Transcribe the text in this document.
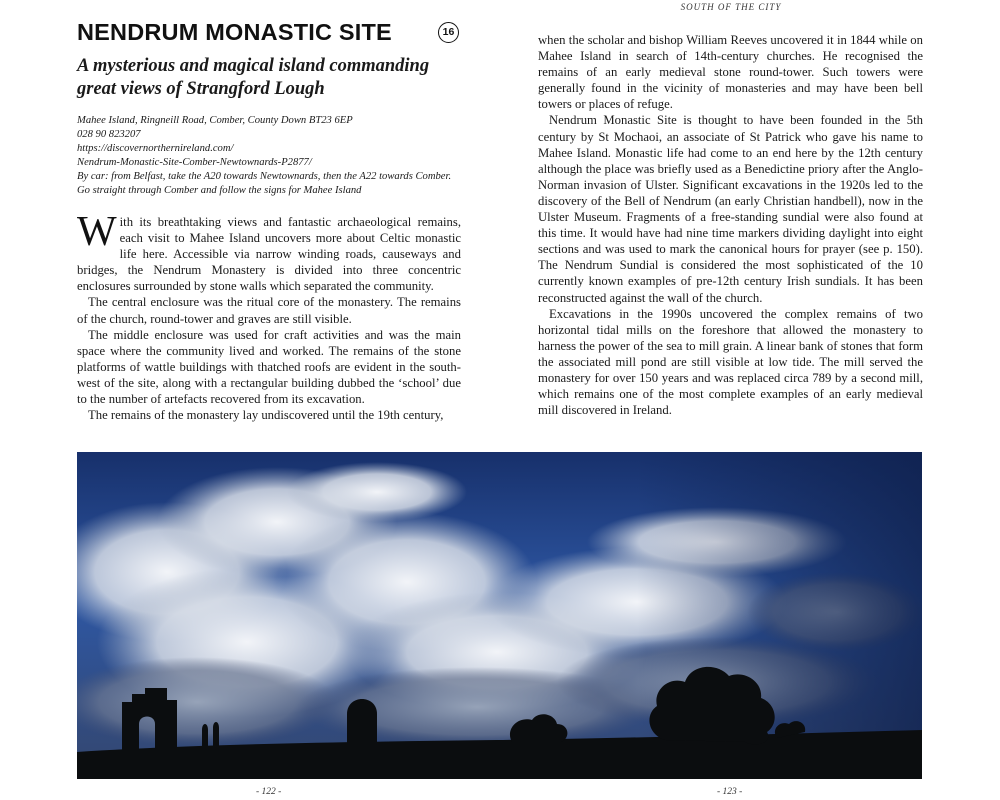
SOUTH OF THE CITY
NENDRUM MONASTIC SITE	16
A mysterious and magical island commanding great views of Strangford Lough
Mahee Island, Ringneill Road, Comber, County Down BT23 6EP
028 90 823207
https://discovernorthernireland.com/
Nendrum-Monastic-Site-Comber-Newtownards-P2877/

By car: from Belfast, take the A20 towards Newtownards, then the A22 towards Comber. Go straight through Comber and follow the signs for Mahee Island

With its breathtaking views and fantastic archaeological remains, each visit to Mahee Island uncovers more about Celtic monastic life here. Accessible via narrow winding roads, causeways and bridges, the Nendrum Monastery is divided into three concentric enclosures surrounded by stone walls which separated the community.

The central enclosure was the ritual core of the monastery. The remains of the church, round-tower and graves are still visible.

The middle enclosure was used for craft activities and was the main space where the community lived and worked. The remains of the stone platforms of wattle buildings with thatched roofs are evident in the south-west of the site, along with a rectangular building dubbed the ‘school’ due to the number of artefacts recovered from its excavation.

The remains of the monastery lay undiscovered until the 19th century,

when the scholar and bishop William Reeves uncovered it in 1844 while on Mahee Island in search of 14th-century churches. He recognised the remains of an early medieval stone round-tower. Such towers were generally found in the vicinity of monasteries and may have been bell towers or places of refuge.

Nendrum Monastic Site is thought to have been founded in the 5th century by St Mochaoi, an associate of St Patrick who gave his name to Mahee Island. Monastic life had come to an end here by the 12th century although the place was briefly used as a Benedictine priory after the Anglo-Norman invasion of Ulster. Significant excavations in the 1920s led to the discovery of the Bell of Nendrum (an early Christian handbell), now in the Ulster Museum. Fragments of a free-standing sundial were also found at this time. It would have had nine time markers dividing daylight into eight sections and was used to mark the canonical hours for prayer (see p. 150). The Nendrum Sundial is considered the most sophisticated of the 10 currently known examples of pre-12th century Irish sundials. It has been reconstructed against the wall of the church.

Excavations in the 1990s uncovered the complex remains of two horizontal tidal mills on the foreshore that allowed the monastery to harness the power of the sea to mill grain. A linear bank of stones that form the associated mill pond are still visible at low tide. The mill served the monastery for over 150 years and was replaced circa 789 by a second mill, which remains one of the most complete examples of an early medieval mill discovered in Ireland.

- 122 -	- 123 -
